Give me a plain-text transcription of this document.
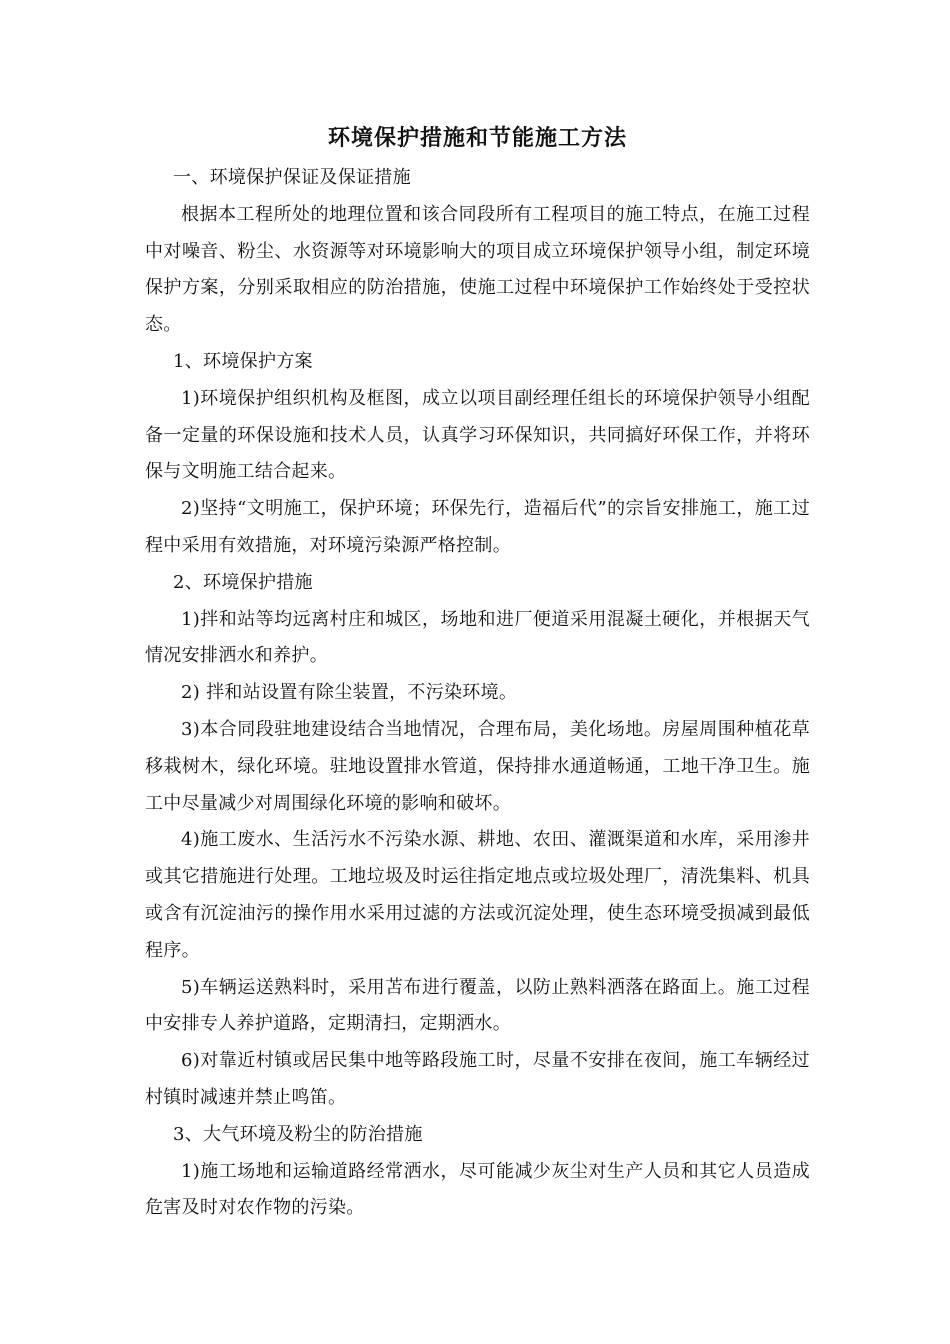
环境保护措施和节能施工方法

一、环境保护保证及保证措施

根据本工程所处的地理位置和该合同段所有工程项目的施工特点，在施工过程中对噪音、粉尘、水资源等对环境影响大的项目成立环境保护领导小组，制定环境保护方案，分别采取相应的防治措施，使施工过程中环境保护工作始终处于受控状态。

1、环境保护方案

1)环境保护组织机构及框图，成立以项目副经理任组长的环境保护领导小组配备一定量的环保设施和技术人员，认真学习环保知识，共同搞好环保工作，并将环保与文明施工结合起来。

2)坚持“文明施工，保护环境；环保先行，造福后代”的宗旨安排施工，施工过程中采用有效措施，对环境污染源严格控制。

2、环境保护措施

1)拌和站等均远离村庄和城区，场地和进厂便道采用混凝土硬化，并根据天气情况安排洒水和养护。

2) 拌和站设置有除尘装置，不污染环境。

3)本合同段驻地建设结合当地情况，合理布局，美化场地。房屋周围种植花草移栽树木，绿化环境。驻地设置排水管道，保持排水通道畅通，工地干净卫生。施工中尽量减少对周围绿化环境的影响和破坏。

4)施工废水、生活污水不污染水源、耕地、农田、灌溉渠道和水库，采用渗井或其它措施进行处理。工地垃圾及时运往指定地点或垃圾处理厂，清洗集料、机具或含有沉淀油污的操作用水采用过滤的方法或沉淀处理，使生态环境受损减到最低程序。

5)车辆运送熟料时，采用苫布进行覆盖，以防止熟料洒落在路面上。施工过程中安排专人养护道路，定期清扫，定期洒水。

6)对靠近村镇或居民集中地等路段施工时，尽量不安排在夜间，施工车辆经过村镇时减速并禁止鸣笛。

3、大气环境及粉尘的防治措施

1)施工场地和运输道路经常洒水，尽可能减少灰尘对生产人员和其它人员造成危害及时对农作物的污染。
